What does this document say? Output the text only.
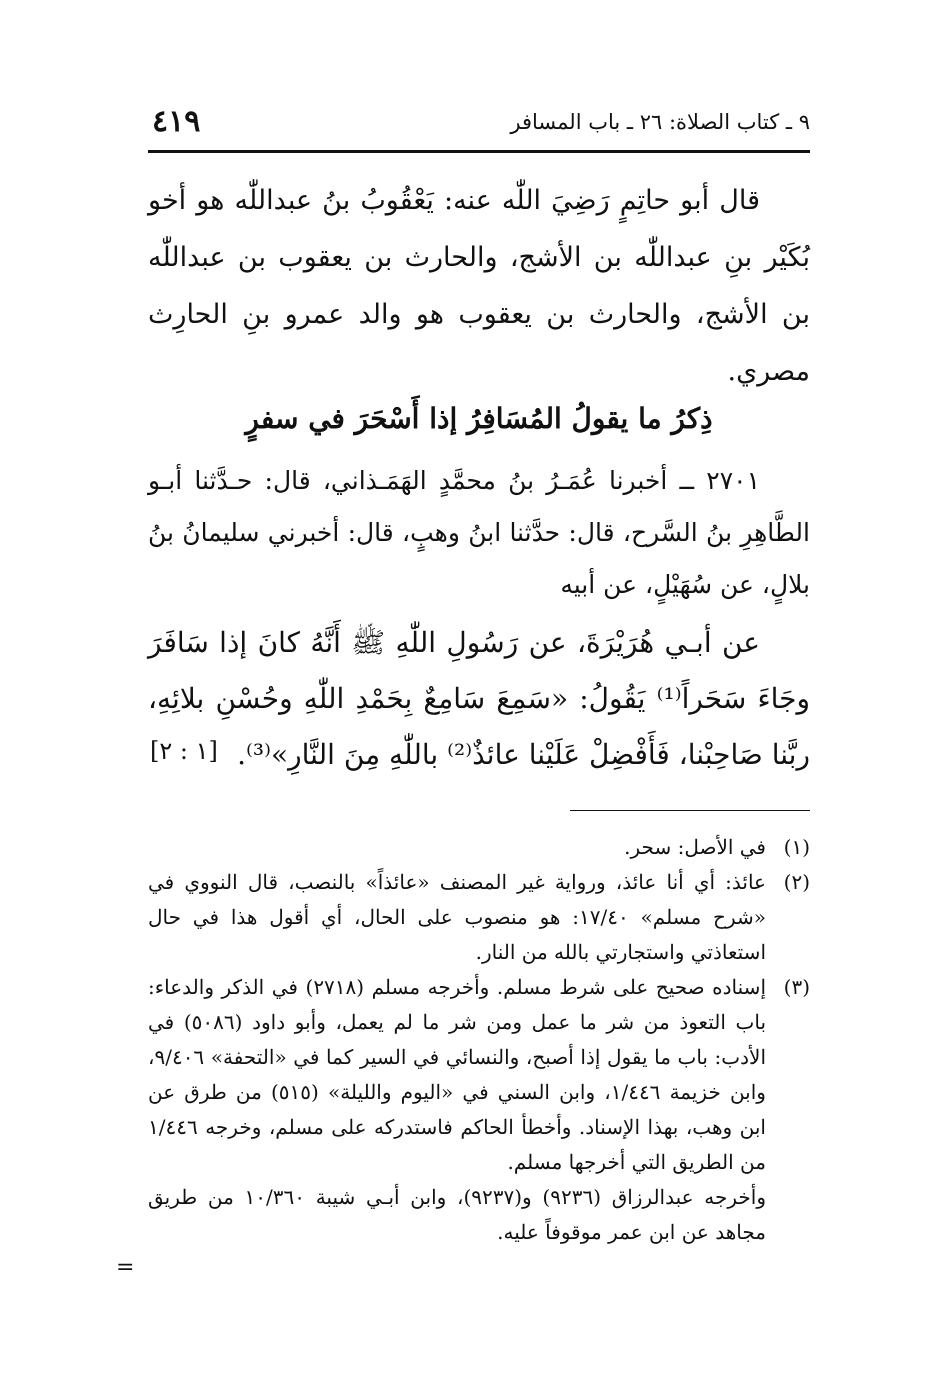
٩ ـ كتاب الصلاة: ٢٦ ـ باب المسافر
٤١٩

قال أبو حاتِمٍ رَضِيَ اللّٰه عنه: يَعْقُوبُ بنُ عبداللّٰه هو أخو بُكَيْر بنِ عبداللّٰه بن الأشج، والحارث بن يعقوب بن عبداللّٰه بن الأشج، والحارث بن يعقوب هو والد عمرو بنِ الحارِث مصري.

ذِكرُ ما يقولُ المُسَافِرُ إذا أَسْحَرَ في سفرٍ

٢٧٠١ ــ أخبرنا عُمَـرُ بنُ محمَّدٍ الهَمَـذاني، قال: حـدَّثنا أبـو الطَّاهِرِ بنُ السَّرح، قال: حدَّثنا ابنُ وهبٍ، قال: أخبرني سليمانُ بنُ بلالٍ، عن سُهَيْلٍ، عن أبيه

عن أبـي هُرَيْرَةَ، عن رَسُولِ اللّٰهِ ﷺ أَنَّهُ كانَ إذا سَافَرَ وجَاءَ سَحَراً⁽¹⁾ يَقُولُ: «سَمِعَ سَامِعٌ بِحَمْدِ اللّٰهِ وحُسْنِ بلائِهِ، ربَّنا صَاحِبْنا، فَأَفْضِلْ عَلَيْنا عائذٌ⁽²⁾ باللّٰهِ مِنَ النَّارِ»⁽³⁾.

[١ : ٢]
(١)
في الأصل: سحر.
(٢)
عائذ: أي أنا عائذ، ورواية غير المصنف «عائذاً» بالنصب، قال النووي في «شرح مسلم» ١٧/٤٠: هو منصوب على الحال، أي أقول هذا في حال استعاذتي واستجارتي بالله من النار.
(٣)
إسناده صحيح على شرط مسلم. وأخرجه مسلم (٢٧١٨) في الذكر والدعاء: باب التعوذ من شر ما عمل ومن شر ما لم يعمل، وأبو داود (٥٠٨٦) في الأدب: باب ما يقول إذا أصبح، والنسائي في السير كما في «التحفة» ٩/٤٠٦، وابن خزيمة ١/٤٤٦، وابن السني في «اليوم والليلة» (٥١٥) من طرق عن ابن وهب، بهذا الإسناد. وأخطأ الحاكم فاستدركه على مسلم، وخرجه ١/٤٤٦ من الطريق التي أخرجها مسلم.
وأخرجه عبدالرزاق (٩٢٣٦) و(٩٢٣٧)، وابن أبـي شيبة ١٠/٣٦٠ من طريق مجاهد عن ابن عمر موقوفاً عليه.
=
